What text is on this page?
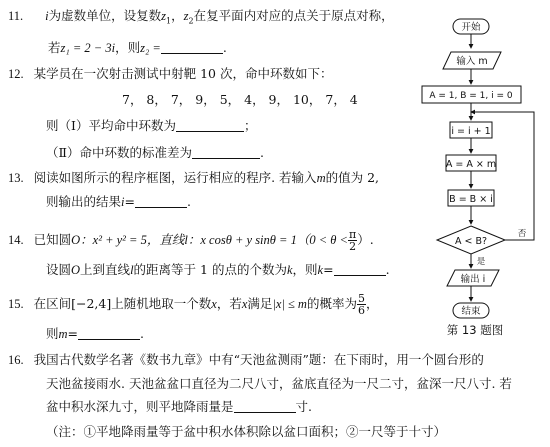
11. i为虚数单位，设复数$z_1$，$z_2$在复平面内对应的点关于原点对称，
若z₁ = 2 − 3i，则z₂ =	.
12. 某学员在一次射击测试中射靶 10 次，命中环数如下：
7， 8， 7， 9， 5， 4， 9， 10， 7， 4
则（Ⅰ）平均命中环数为	；
（Ⅱ）命中环数的标准差为	.
13. 阅读如图所示的程序框图，运行相应的程序. 若输入m的值为 2,
则输出的结果i=	.
14. 已知圆O：x² + y² = 5，直线l：x cosθ + y $\sin\theta = 1(0 < \theta < \frac{\pi}{2}$ ）.
设圆O上到直线l的距离等于 1 的点的个数为k，则k=	.
15. 在区间[−2,4]上随机地取一个数x，若x满足|x| ≤ m的概率为 $\frac{5}{6}$ ，
则m=	.
16. 我国古代数学名著《数书九章》中有“天池盆测雨”题：在下雨时，用一个圆台形的
天池盆接雨水. 天池盆盆口直径为二尺八寸，盆底直径为一尺二寸，盆深一尺八寸. 若
盆中积水深九寸，则平地降雨量是	寸.
（注：①平地降雨量等于盆中积水体积除以盆口面积；②一尺等于十寸）
开始
输入 m
A = 1, B = 1, i = 0
i = i + 1
A = A × m
B = B × i
A < B?
是
否
输出 i
结束
第 13 题图
